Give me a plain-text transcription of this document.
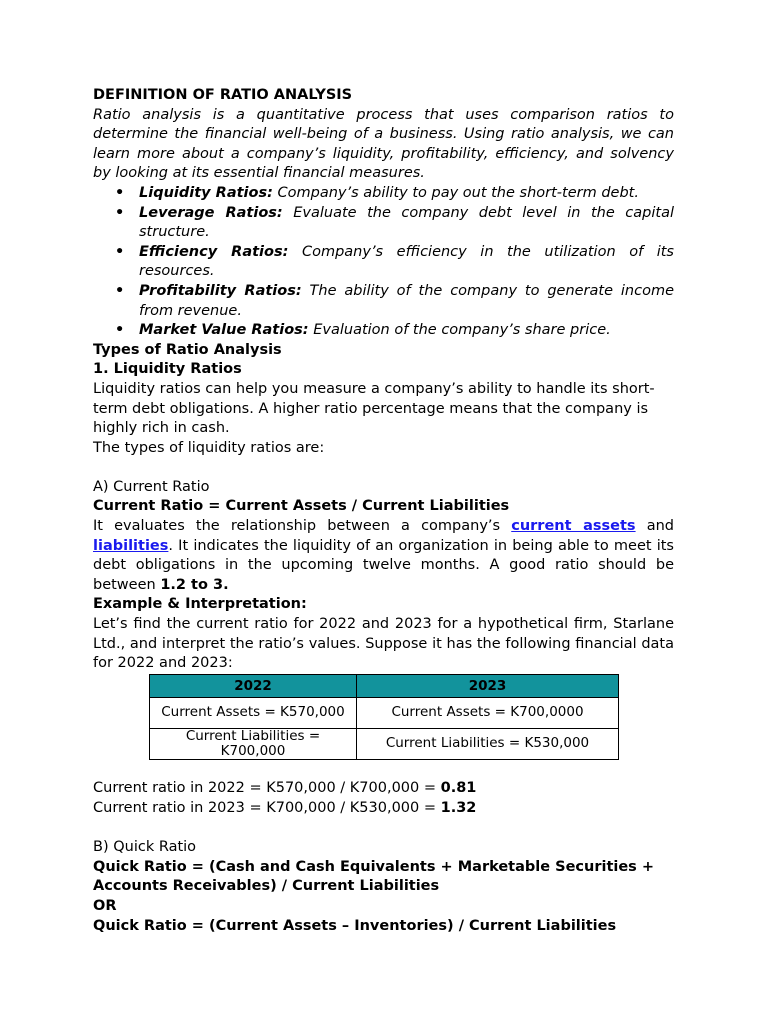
DEFINITION OF RATIO ANALYSIS

Ratio analysis is a quantitative process that uses comparison ratios to determine the financial well-being of a business. Using ratio analysis, we can learn more about a company’s liquidity, profitability, efficiency, and solvency by looking at its essential financial measures.

• Liquidity Ratios: Company’s ability to pay out the short-term debt.
• Leverage Ratios: Evaluate the company debt level in the capital structure.
• Efficiency Ratios: Company’s efficiency in the utilization of its resources.
• Profitability Ratios: The ability of the company to generate income from revenue.
• Market Value Ratios: Evaluation of the company’s share price.

Types of Ratio Analysis

1. Liquidity Ratios

Liquidity ratios can help you measure a company’s ability to handle its short-term debt obligations. A higher ratio percentage means that the company is highly rich in cash.

The types of liquidity ratios are:

A) Current Ratio

Current Ratio = Current Assets / Current Liabilities

It evaluates the relationship between a company’s current assets and liabilities. It indicates the liquidity of an organization in being able to meet its debt obligations in the upcoming twelve months. A good ratio should be between 1.2 to 3.

Example & Interpretation:

Let’s find the current ratio for 2022 and 2023 for a hypothetical firm, Starlane Ltd., and interpret the ratio’s values. Suppose it has the following financial data for 2022 and 2023:

2022	2023
Current Assets = K570,000	Current Assets = K700,0000
Current Liabilities = K700,000	Current Liabilities = K530,000

Current ratio in 2022 = K570,000 / K700,000 = 0.81

Current ratio in 2023 = K700,000 / K530,000 = 1.32

B) Quick Ratio

Quick Ratio = (Cash and Cash Equivalents + Marketable Securities + Accounts Receivables) / Current Liabilities

OR

Quick Ratio = (Current Assets – Inventories) / Current Liabilities
